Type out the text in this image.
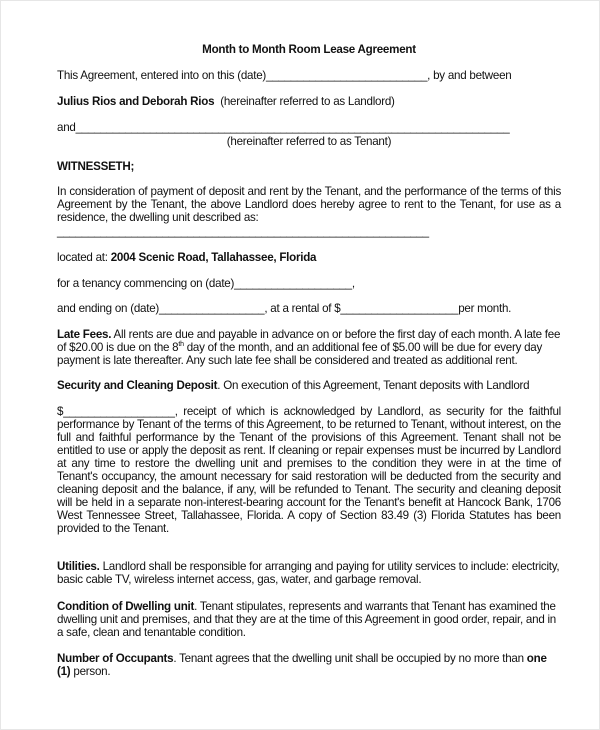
Month to Month Room Lease Agreement
This Agreement, entered into on this (date)__________________________, by and between
Julius Rios and Deborah Rios (hereinafter referred to as Landlord)
and______________________________________________________________________
(hereinafter referred to as Tenant)
WITNESSETH;
In consideration of payment of deposit and rent by the Tenant, and the performance of the terms of this Agreement by the Tenant, the above Landlord does hereby agree to rent to the Tenant, for use as a residence, the dwelling unit described as:
____________________________________________________________
located at: 2004 Scenic Road, Tallahassee, Florida
for a tenancy commencing on (date)___________________,
and ending on (date)_________________, at a rental of $___________________per month.
Late Fees. All rents are due and payable in advance on or before the first day of each month. A late fee of $20.00 is due on the 8th day of the month, and an additional fee of $5.00 will be due for every day payment is late thereafter. Any such late fee shall be considered and treated as additional rent.
Security and Cleaning Deposit. On execution of this Agreement, Tenant deposits with Landlord
$__________________, receipt of which is acknowledged by Landlord, as security for the faithful performance by Tenant of the terms of this Agreement, to be returned to Tenant, without interest, on the full and faithful performance by the Tenant of the provisions of this Agreement. Tenant shall not be entitled to use or apply the deposit as rent. If cleaning or repair expenses must be incurred by Landlord at any time to restore the dwelling unit and premises to the condition they were in at the time of Tenant's occupancy, the amount necessary for said restoration will be deducted from the security and cleaning deposit and the balance, if any, will be refunded to Tenant. The security and cleaning deposit will be held in a separate non-interest-bearing account for the Tenant's benefit at Hancock Bank, 1706 West Tennessee Street, Tallahassee, Florida. A copy of Section 83.49 (3) Florida Statutes has been provided to the Tenant.
Utilities. Landlord shall be responsible for arranging and paying for utility services to include: electricity, basic cable TV, wireless internet access, gas, water, and garbage removal.
Condition of Dwelling unit. Tenant stipulates, represents and warrants that Tenant has examined the dwelling unit and premises, and that they are at the time of this Agreement in good order, repair, and in a safe, clean and tenantable condition.
Number of Occupants. Tenant agrees that the dwelling unit shall be occupied by no more than one (1) person.
